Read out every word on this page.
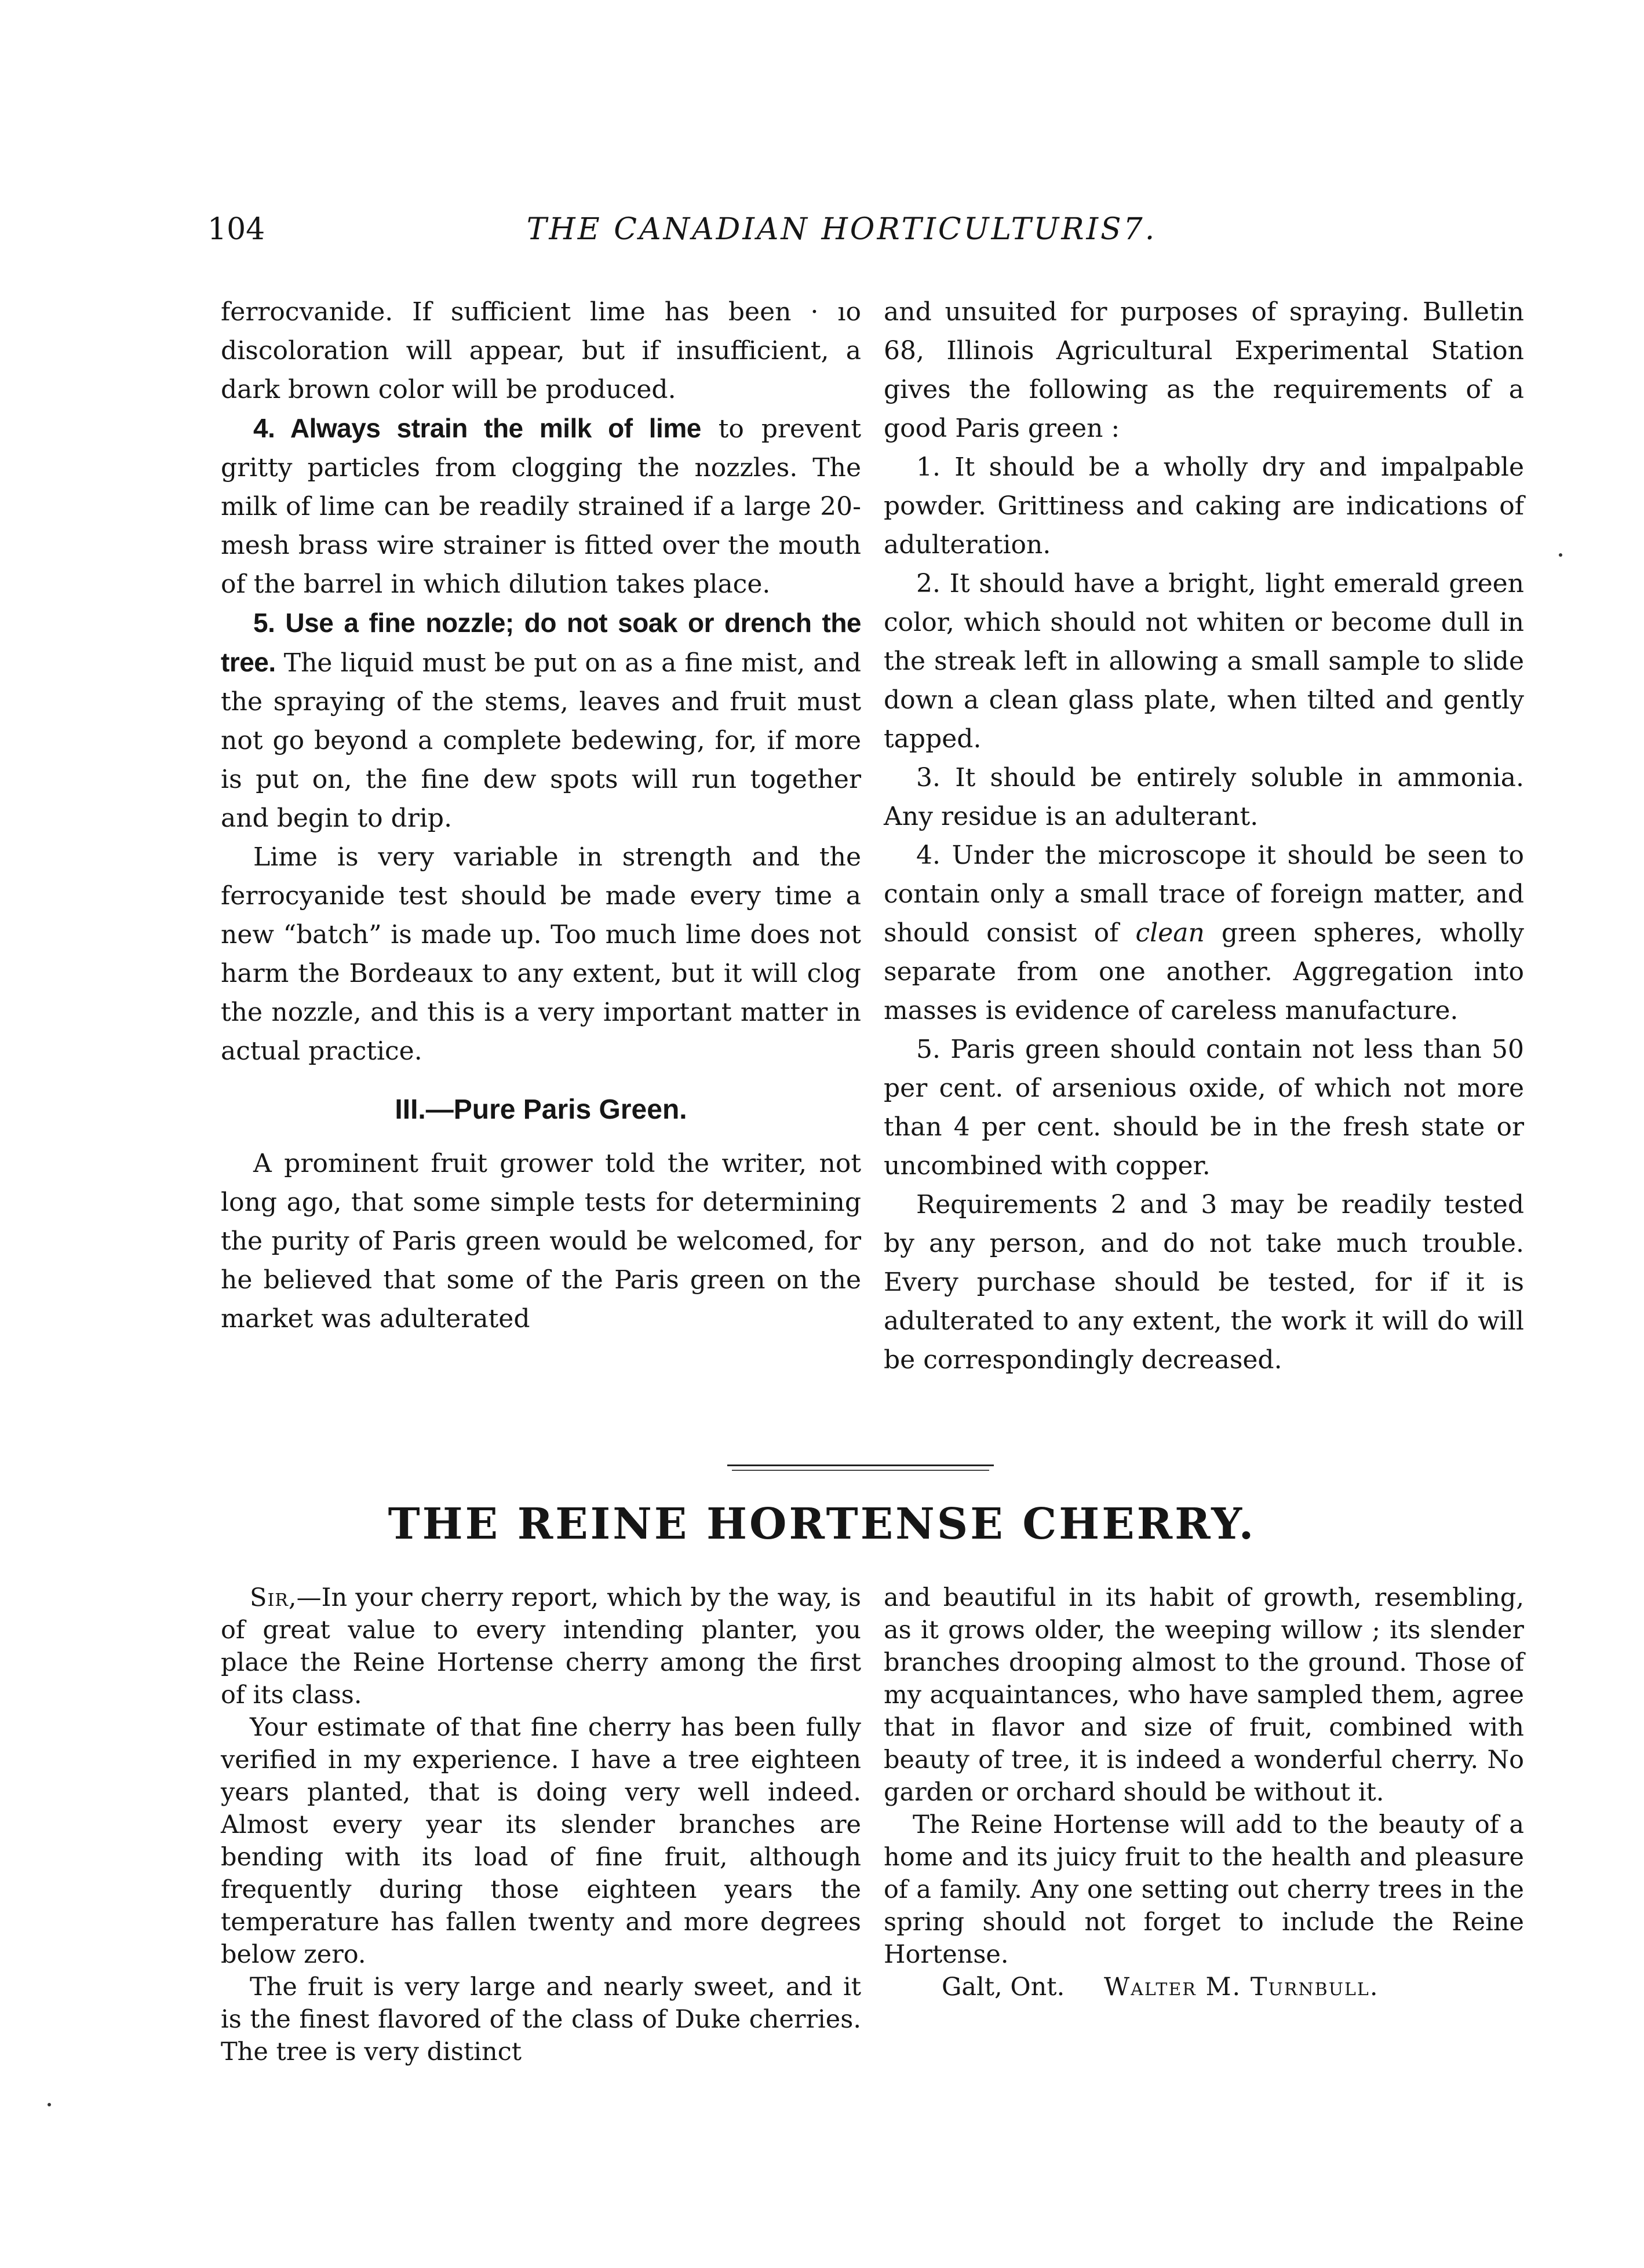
104	THE CANADIAN HORTICULTURIS7.

ferrocvanide. If sufficient lime has been · ıo discoloration will appear, but if insufficient, a dark brown color will be produced.

4. Always strain the milk of lime to prevent gritty particles from clogging the nozzles. The milk of lime can be readily strained if a large 20-mesh brass wire strainer is fitted over the mouth of the barrel in which dilution takes place.

5. Use a fine nozzle; do not soak or drench the tree. The liquid must be put on as a fine mist, and the spraying of the stems, leaves and fruit must not go beyond a complete bedewing, for, if more is put on, the fine dew spots will run together and begin to drip.

Lime is very variable in strength and the ferrocyanide test should be made every time a new “batch” is made up. Too much lime does not harm the Bordeaux to any extent, but it will clog the nozzle, and this is a very important matter in actual practice.

III.—Pure Paris Green.

A prominent fruit grower told the writer, not long ago, that some simple tests for determining the purity of Paris green would be welcomed, for he believed that some of the Paris green on the market was adulterated

and unsuited for purposes of spraying. Bulletin 68, Illinois Agricultural Experimental Station gives the following as the requirements of a good Paris green :

1. It should be a wholly dry and impalpable powder. Grittiness and caking are indications of adulteration.

2. It should have a bright, light emerald green color, which should not whiten or become dull in the streak left in allowing a small sample to slide down a clean glass plate, when tilted and gently tapped.

3. It should be entirely soluble in ammonia. Any residue is an adulterant.

4. Under the microscope it should be seen to contain only a small trace of foreign matter, and should consist of clean green spheres, wholly separate from one another. Aggregation into masses is evidence of careless manufacture.

5. Paris green should contain not less than 50 per cent. of arsenious oxide, of which not more than 4 per cent. should be in the fresh state or uncombined with copper.

Requirements 2 and 3 may be readily tested by any person, and do not take much trouble. Every purchase should be tested, for if it is adulterated to any extent, the work it will do will be correspondingly decreased.

THE REINE HORTENSE CHERRY.

Sir,—In your cherry report, which by the way, is of great value to every intending planter, you place the Reine Hortense cherry among the first of its class.

Your estimate of that fine cherry has been fully verified in my experience. I have a tree eighteen years planted, that is doing very well indeed. Almost every year its slender branches are bending with its load of fine fruit, although frequently during those eighteen years the temperature has fallen twenty and more degrees below zero.

The fruit is very large and nearly sweet, and it is the finest flavored of the class of Duke cherries. The tree is very distinct

and beautiful in its habit of growth, resembling, as it grows older, the weeping willow ; its slender branches drooping almost to the ground. Those of my acquaintances, who have sampled them, agree that in flavor and size of fruit, combined with beauty of tree, it is indeed a wonderful cherry. No garden or orchard should be without it.

The Reine Hortense will add to the beauty of a home and its juicy fruit to the health and pleasure of a family. Any one setting out cherry trees in the spring should not forget to include the Reine Hortense.

Galt, Ont. Walter M. Turnbull.
